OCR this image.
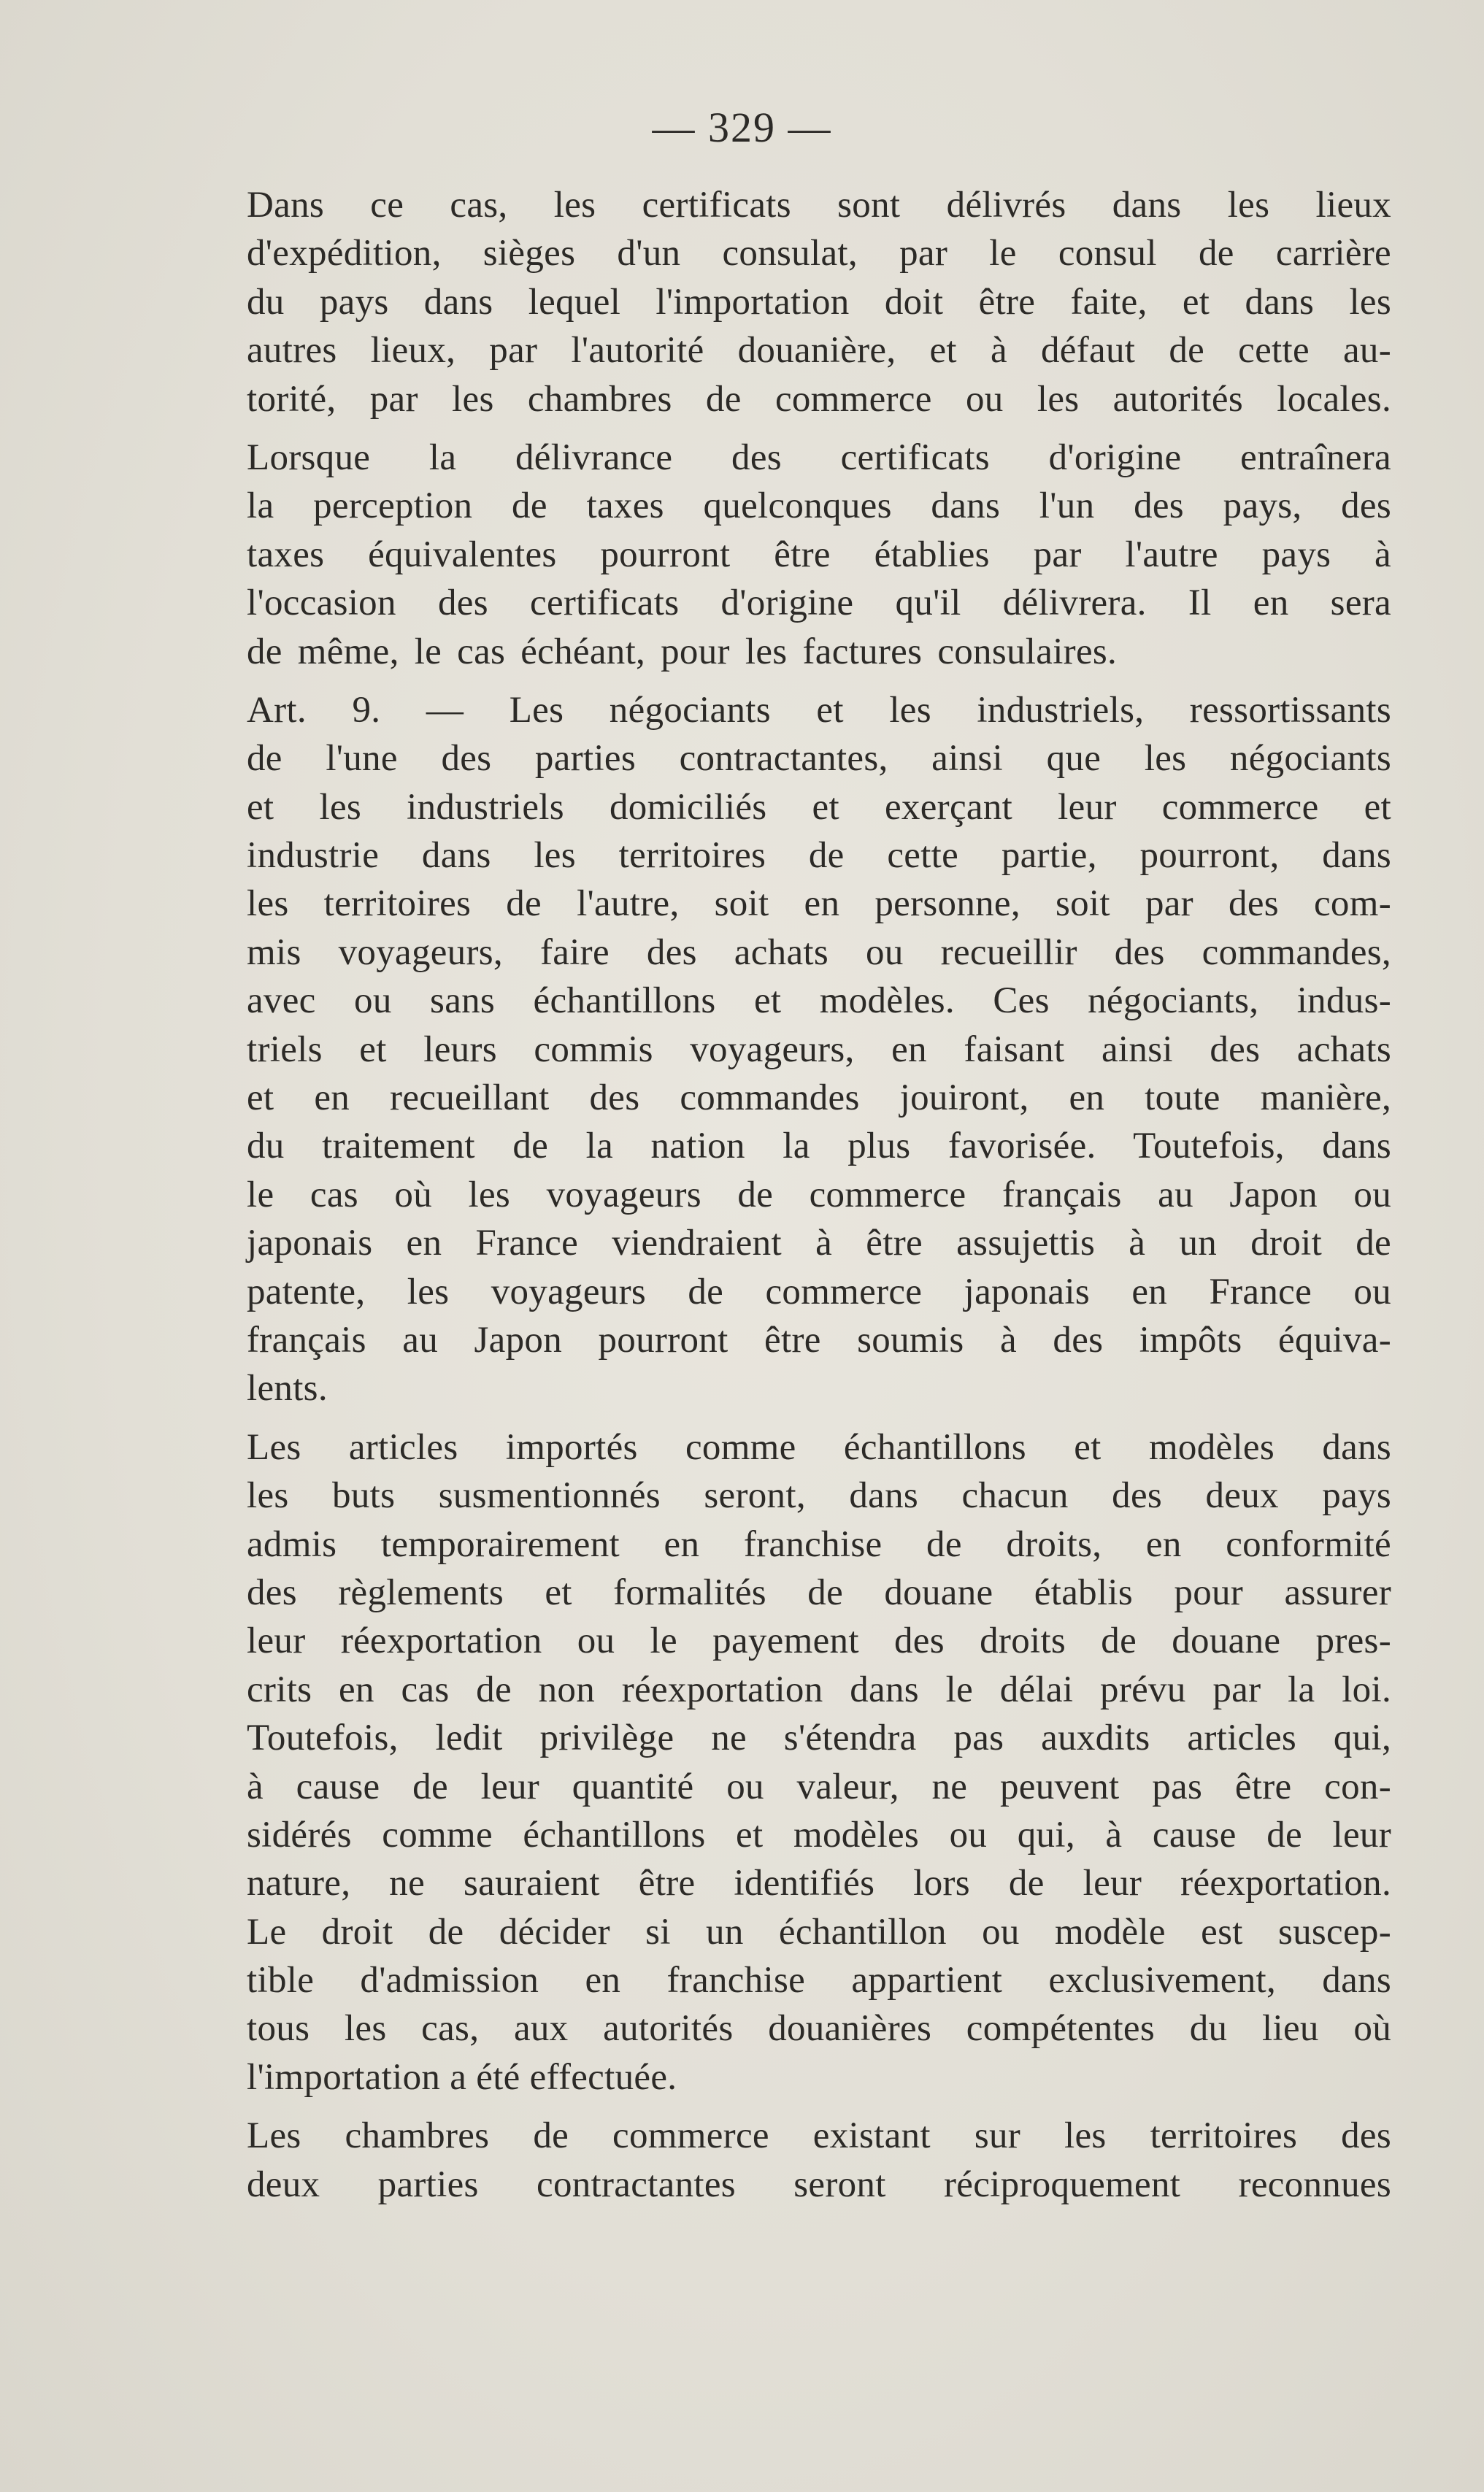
— 329 —
Dans ce cas, les certificats sont délivrés dans les lieux
d'expédition, sièges d'un consulat, par le consul de carrière
du pays dans lequel l'importation doit être faite, et dans les
autres lieux, par l'autorité douanière, et à défaut de cette au-
torité, par les chambres de commerce ou les autorités locales.
Lorsque la délivrance des certificats d'origine entraînera
la perception de taxes quelconques dans l'un des pays, des
taxes équivalentes pourront être établies par l'autre pays à
l'occasion des certificats d'origine qu'il délivrera. Il en sera
de même, le cas échéant, pour les factures consulaires.
Art. 9. — Les négociants et les industriels, ressortissants
de l'une des parties contractantes, ainsi que les négociants
et les industriels domiciliés et exerçant leur commerce et
industrie dans les territoires de cette partie, pourront, dans
les territoires de l'autre, soit en personne, soit par des com-
mis voyageurs, faire des achats ou recueillir des commandes,
avec ou sans échantillons et modèles. Ces négociants, indus-
triels et leurs commis voyageurs, en faisant ainsi des achats
et en recueillant des commandes jouiront, en toute manière,
du traitement de la nation la plus favorisée. Toutefois, dans
le cas où les voyageurs de commerce français au Japon ou
japonais en France viendraient à être assujettis à un droit de
patente, les voyageurs de commerce japonais en France ou
français au Japon pourront être soumis à des impôts équiva-
lents.
Les articles importés comme échantillons et modèles dans
les buts susmentionnés seront, dans chacun des deux pays
admis temporairement en franchise de droits, en conformité
des règlements et formalités de douane établis pour assurer
leur réexportation ou le payement des droits de douane pres-
crits en cas de non réexportation dans le délai prévu par la loi.
Toutefois, ledit privilège ne s'étendra pas auxdits articles qui,
à cause de leur quantité ou valeur, ne peuvent pas être con-
sidérés comme échantillons et modèles ou qui, à cause de leur
nature, ne sauraient être identifiés lors de leur réexportation.
Le droit de décider si un échantillon ou modèle est suscep-
tible d'admission en franchise appartient exclusivement, dans
tous les cas, aux autorités douanières compétentes du lieu où
l'importation a été effectuée.
Les chambres de commerce existant sur les territoires des
deux parties contractantes seront réciproquement reconnues
